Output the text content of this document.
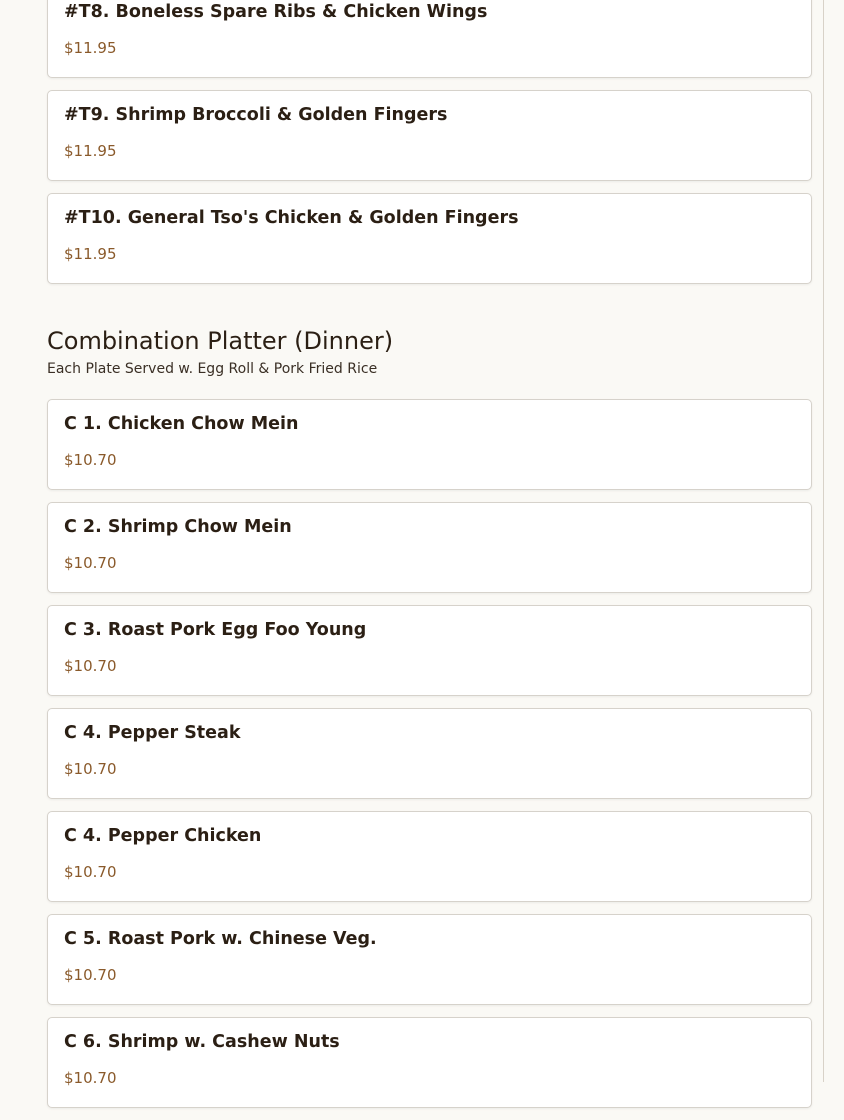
#T8. Boneless Spare Ribs & Chicken Wings
$11.95
#T9. Shrimp Broccoli & Golden Fingers
$11.95
#T10. General Tso's Chicken & Golden Fingers
$11.95
Combination Platter (Dinner)
Each Plate Served w. Egg Roll & Pork Fried Rice
C 1. Chicken Chow Mein
$10.70
C 2. Shrimp Chow Mein
$10.70
C 3. Roast Pork Egg Foo Young
$10.70
C 4. Pepper Steak
$10.70
C 4. Pepper Chicken
$10.70
C 5. Roast Pork w. Chinese Veg.
$10.70
C 6. Shrimp w. Cashew Nuts
$10.70
